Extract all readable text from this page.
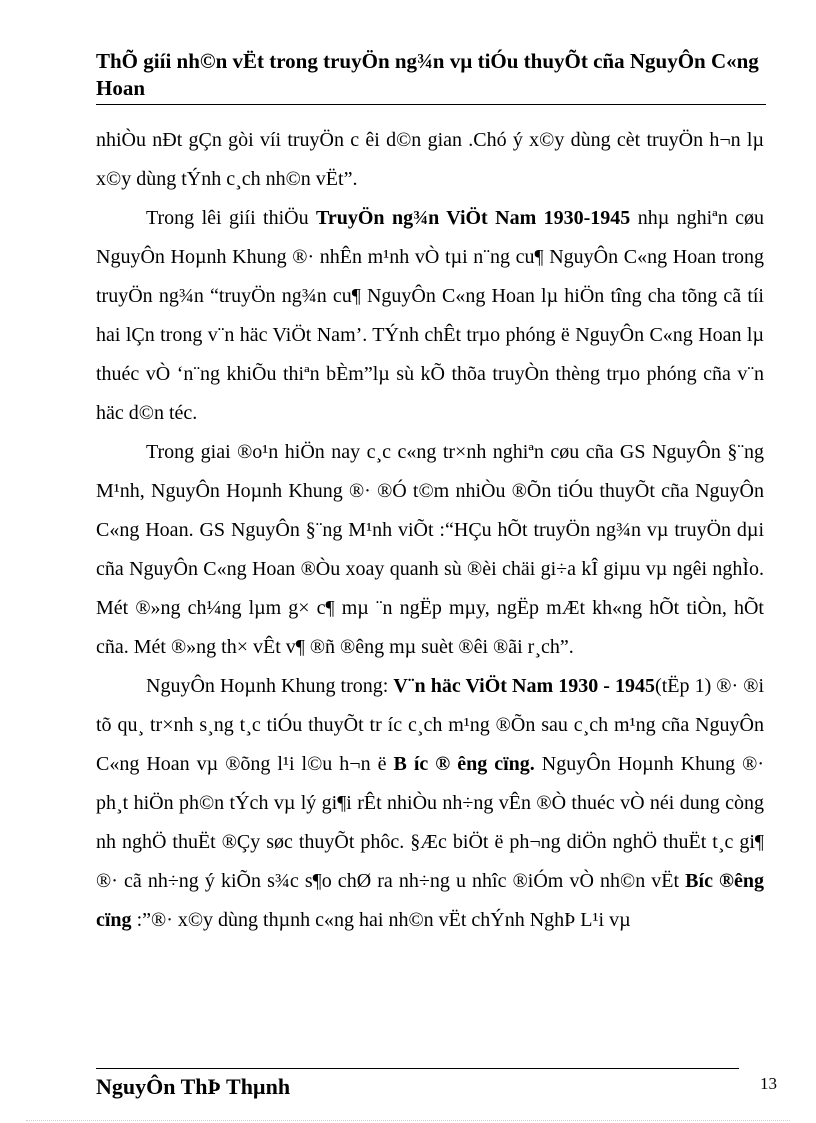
ThÕ giíi nh©n vËt trong truyÖn ng¾n vµ tiÓu thuyÕt cña NguyÔn C«ng Hoan

nhiÒu nÐt gÇn gòi víi truyÖn c êi d©n gian .Chó ý x©y dùng cèt truyÖn h¬n lµ x©y dùng tÝnh c¸ch nh©n vËt”.

Trong lêi giíi thiÖu TruyÖn ng¾n ViÖt Nam 1930-1945 nhµ nghiªn cøu NguyÔn Hoµnh Khung ®· nhÊn m¹nh vÒ tµi n¨ng cu¶ NguyÔn C«ng Hoan trong truyÖn ng¾n “truyÖn ng¾n cu¶ NguyÔn C«ng Hoan lµ hiÖn tîng cha tõng cã tíi hai lÇn trong v¨n häc ViÖt Nam’. TÝnh chÊt trµo phóng ë NguyÔn C«ng Hoan lµ thuéc vÒ ‘n¨ng khiÕu thiªn bÈm”lµ sù kÕ thõa truyÒn thèng trµo phóng cña v¨n häc d©n téc.

Trong giai ®o¹n hiÖn nay c¸c c«ng tr×nh nghiªn cøu cña GS NguyÔn §¨ng M¹nh, NguyÔn Hoµnh Khung ®· ®Ó t©m nhiÒu ®Õn tiÓu thuyÕt cña NguyÔn C«ng Hoan. GS NguyÔn §¨ng M¹nh viÕt :“HÇu hÕt truyÖn ng¾n vµ truyÖn dµi cña NguyÔn C«ng Hoan ®Òu xoay quanh sù ®èi chäi gi÷a kÎ giµu vµ ngêi nghÌo. Mét ®»ng ch¼ng lµm g× c¶ mµ ¨n ngËp mµy, ngËp mÆt kh«ng hÕt tiÒn, hÕt cña. Mét ®»ng th× vÊt v¶ ®ñ ®êng mµ suèt ®êi ®ãi r¸ch”.

NguyÔn Hoµnh Khung trong: V¨n häc ViÖt Nam 1930 - 1945(tËp 1) ®· ®i tõ qu¸ tr×nh s¸ng t¸c tiÓu thuyÕt tr íc c¸ch m¹ng ®Õn sau c¸ch m¹ng cña NguyÔn C«ng Hoan vµ ®õng l¹i l©u h¬n ë B íc ® êng cïng. NguyÔn Hoµnh Khung ®· ph¸t hiÖn ph©n tÝch vµ lý gi¶i rÊt nhiÒu nh÷ng vÊn ®Ò thuéc vÒ néi dung còng nh nghÖ thuËt ®Çy søc thuyÕt phôc. §Æc biÖt ë ph¬ng diÖn nghÖ thuËt t¸c gi¶ ®· cã nh÷ng ý kiÕn s¾c s¶o chØ ra nh÷ng u nhîc ®iÓm vÒ nh©n vËt Bíc ®êng cïng :”®· x©y dùng thµnh c«ng hai nh©n vËt chÝnh NghÞ L¹i vµ

NguyÔn ThÞ Thµnh	13
